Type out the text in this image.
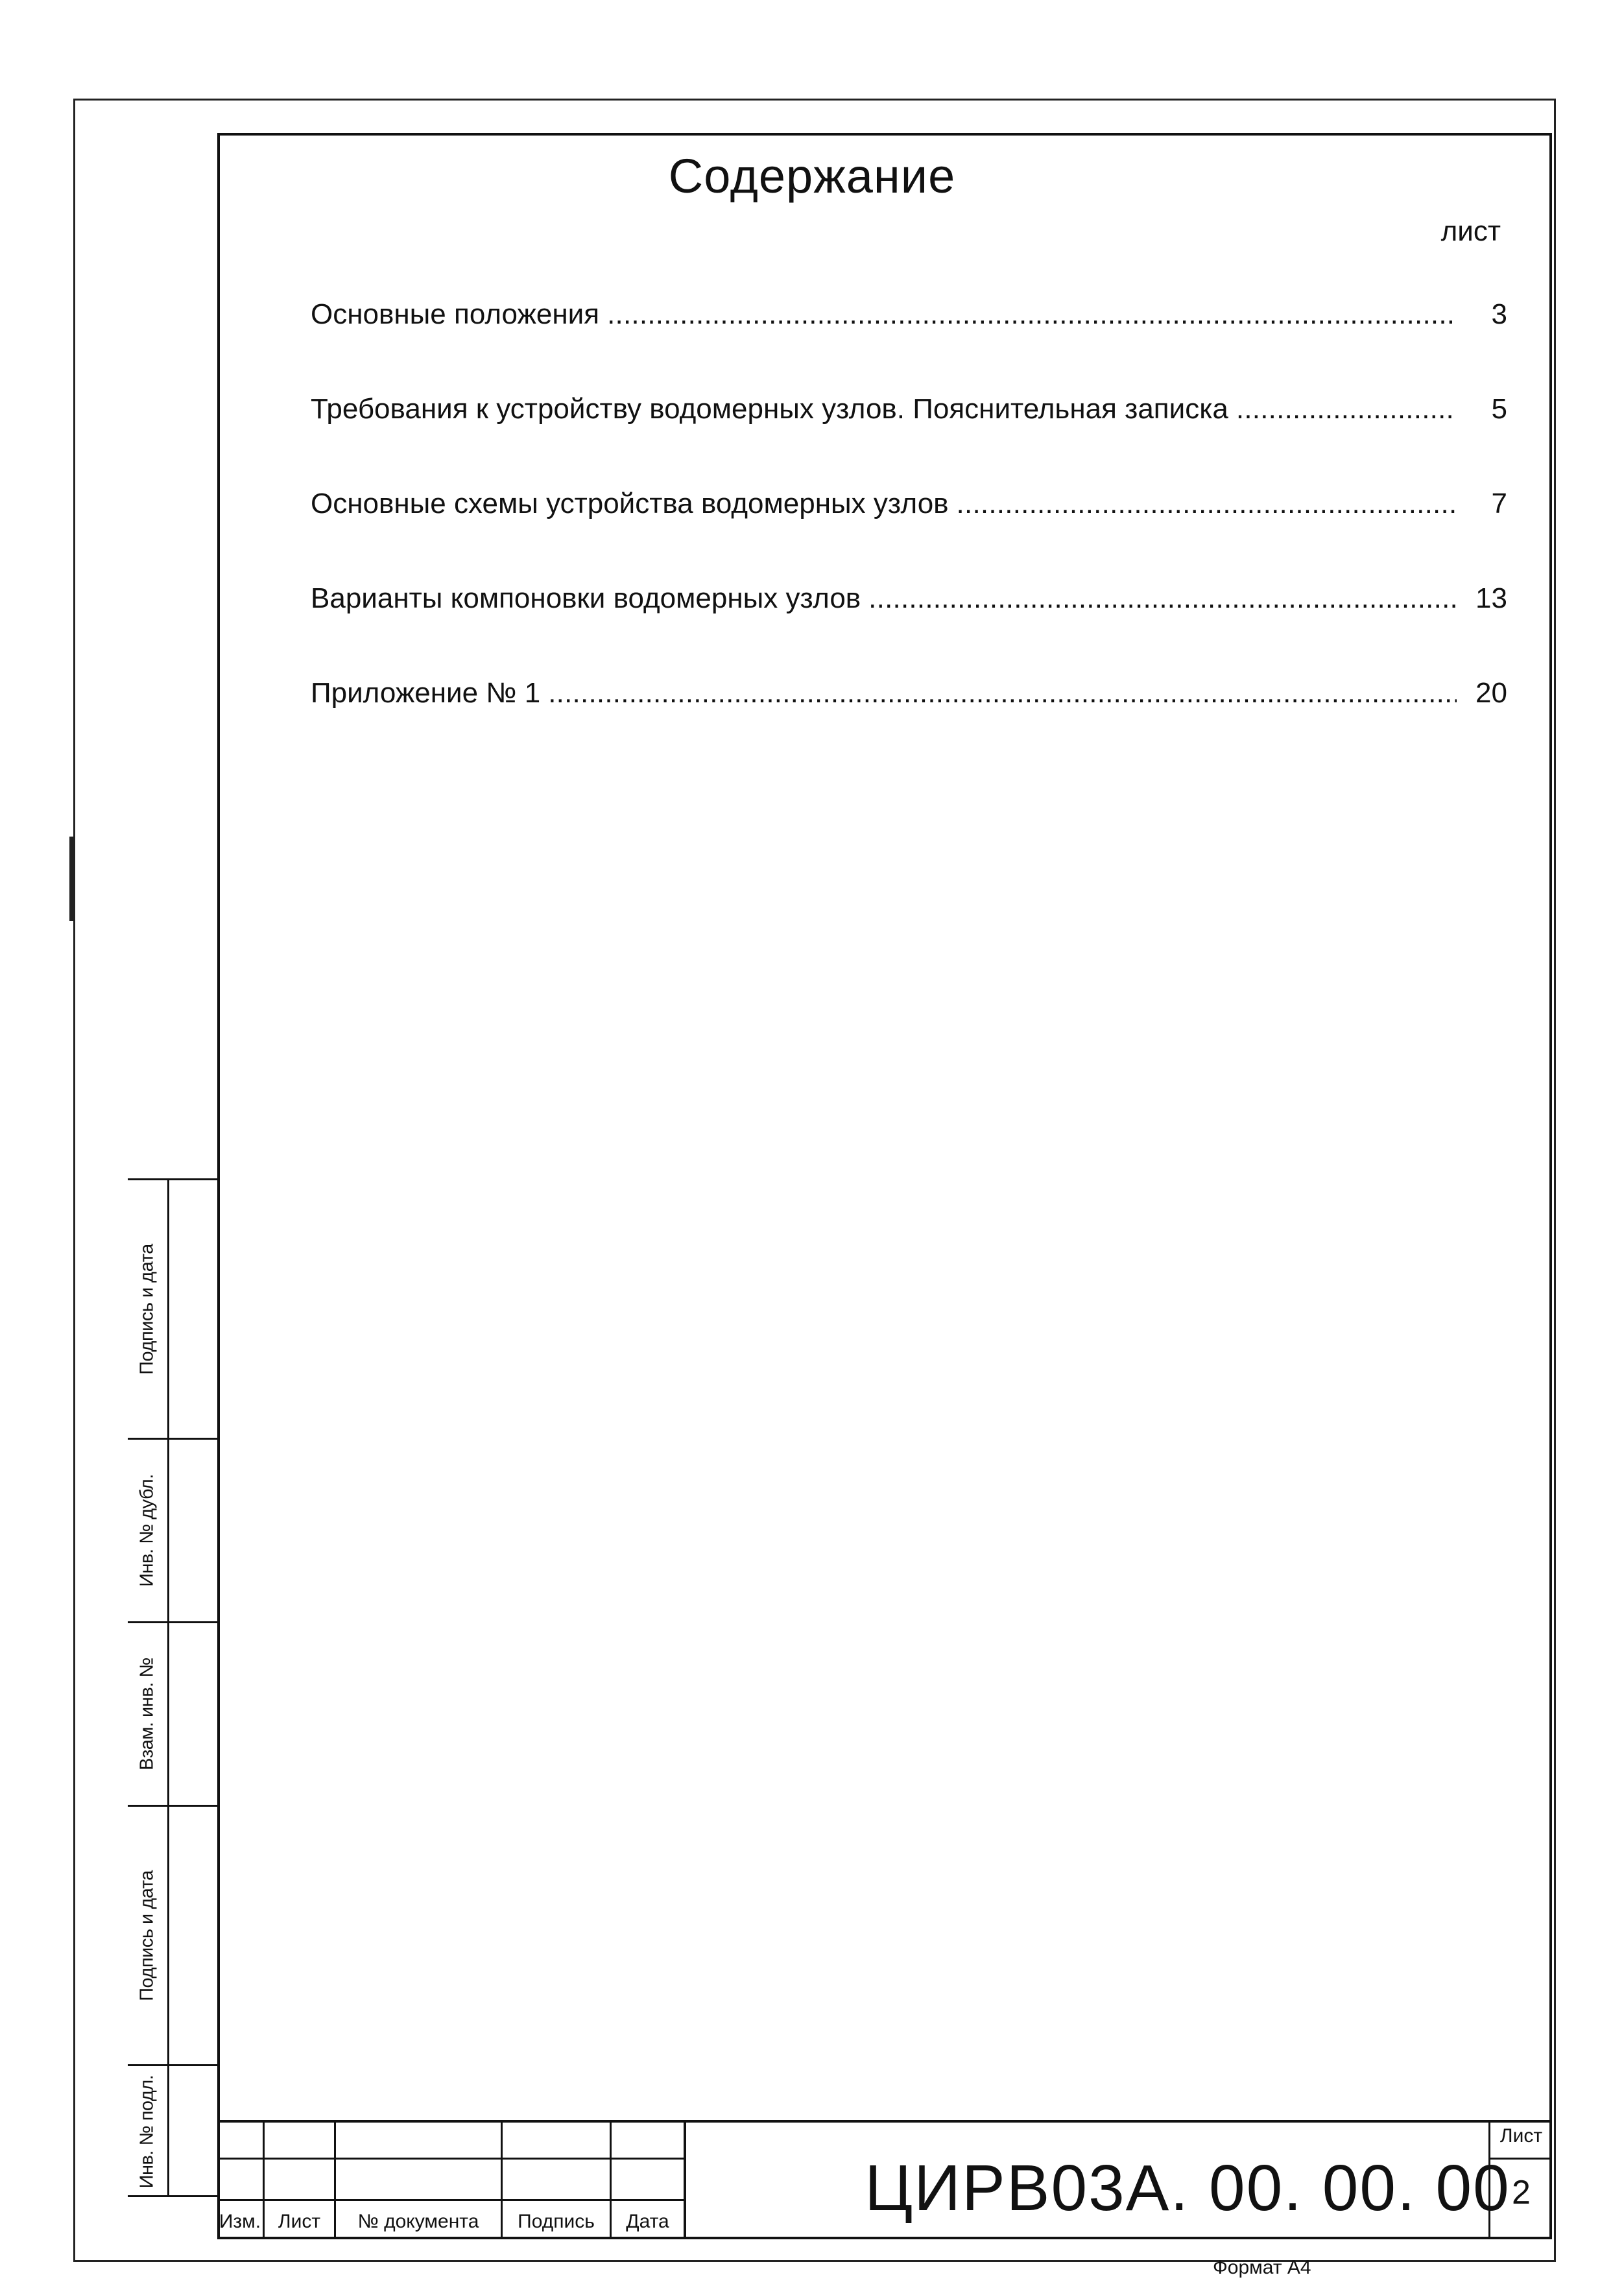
Содержание
лист
Основные положения . . .	3
Требования к устройству водомерных узлов. Пояснительная записка . . .	5
Основные схемы устройства водомерных узлов . . .	7
Варианты компоновки водомерных узлов . . .	13
Приложение № 1 . . .	20
Подпись и дата
Инв. № дубл.
Взам. инв. №
Подпись и дата
Инв. № подл.
Изм. Лист	№ документа	Подпись	Дата	ЦИРВ03А. 00. 00. 00
Лист
2
Формат А4
